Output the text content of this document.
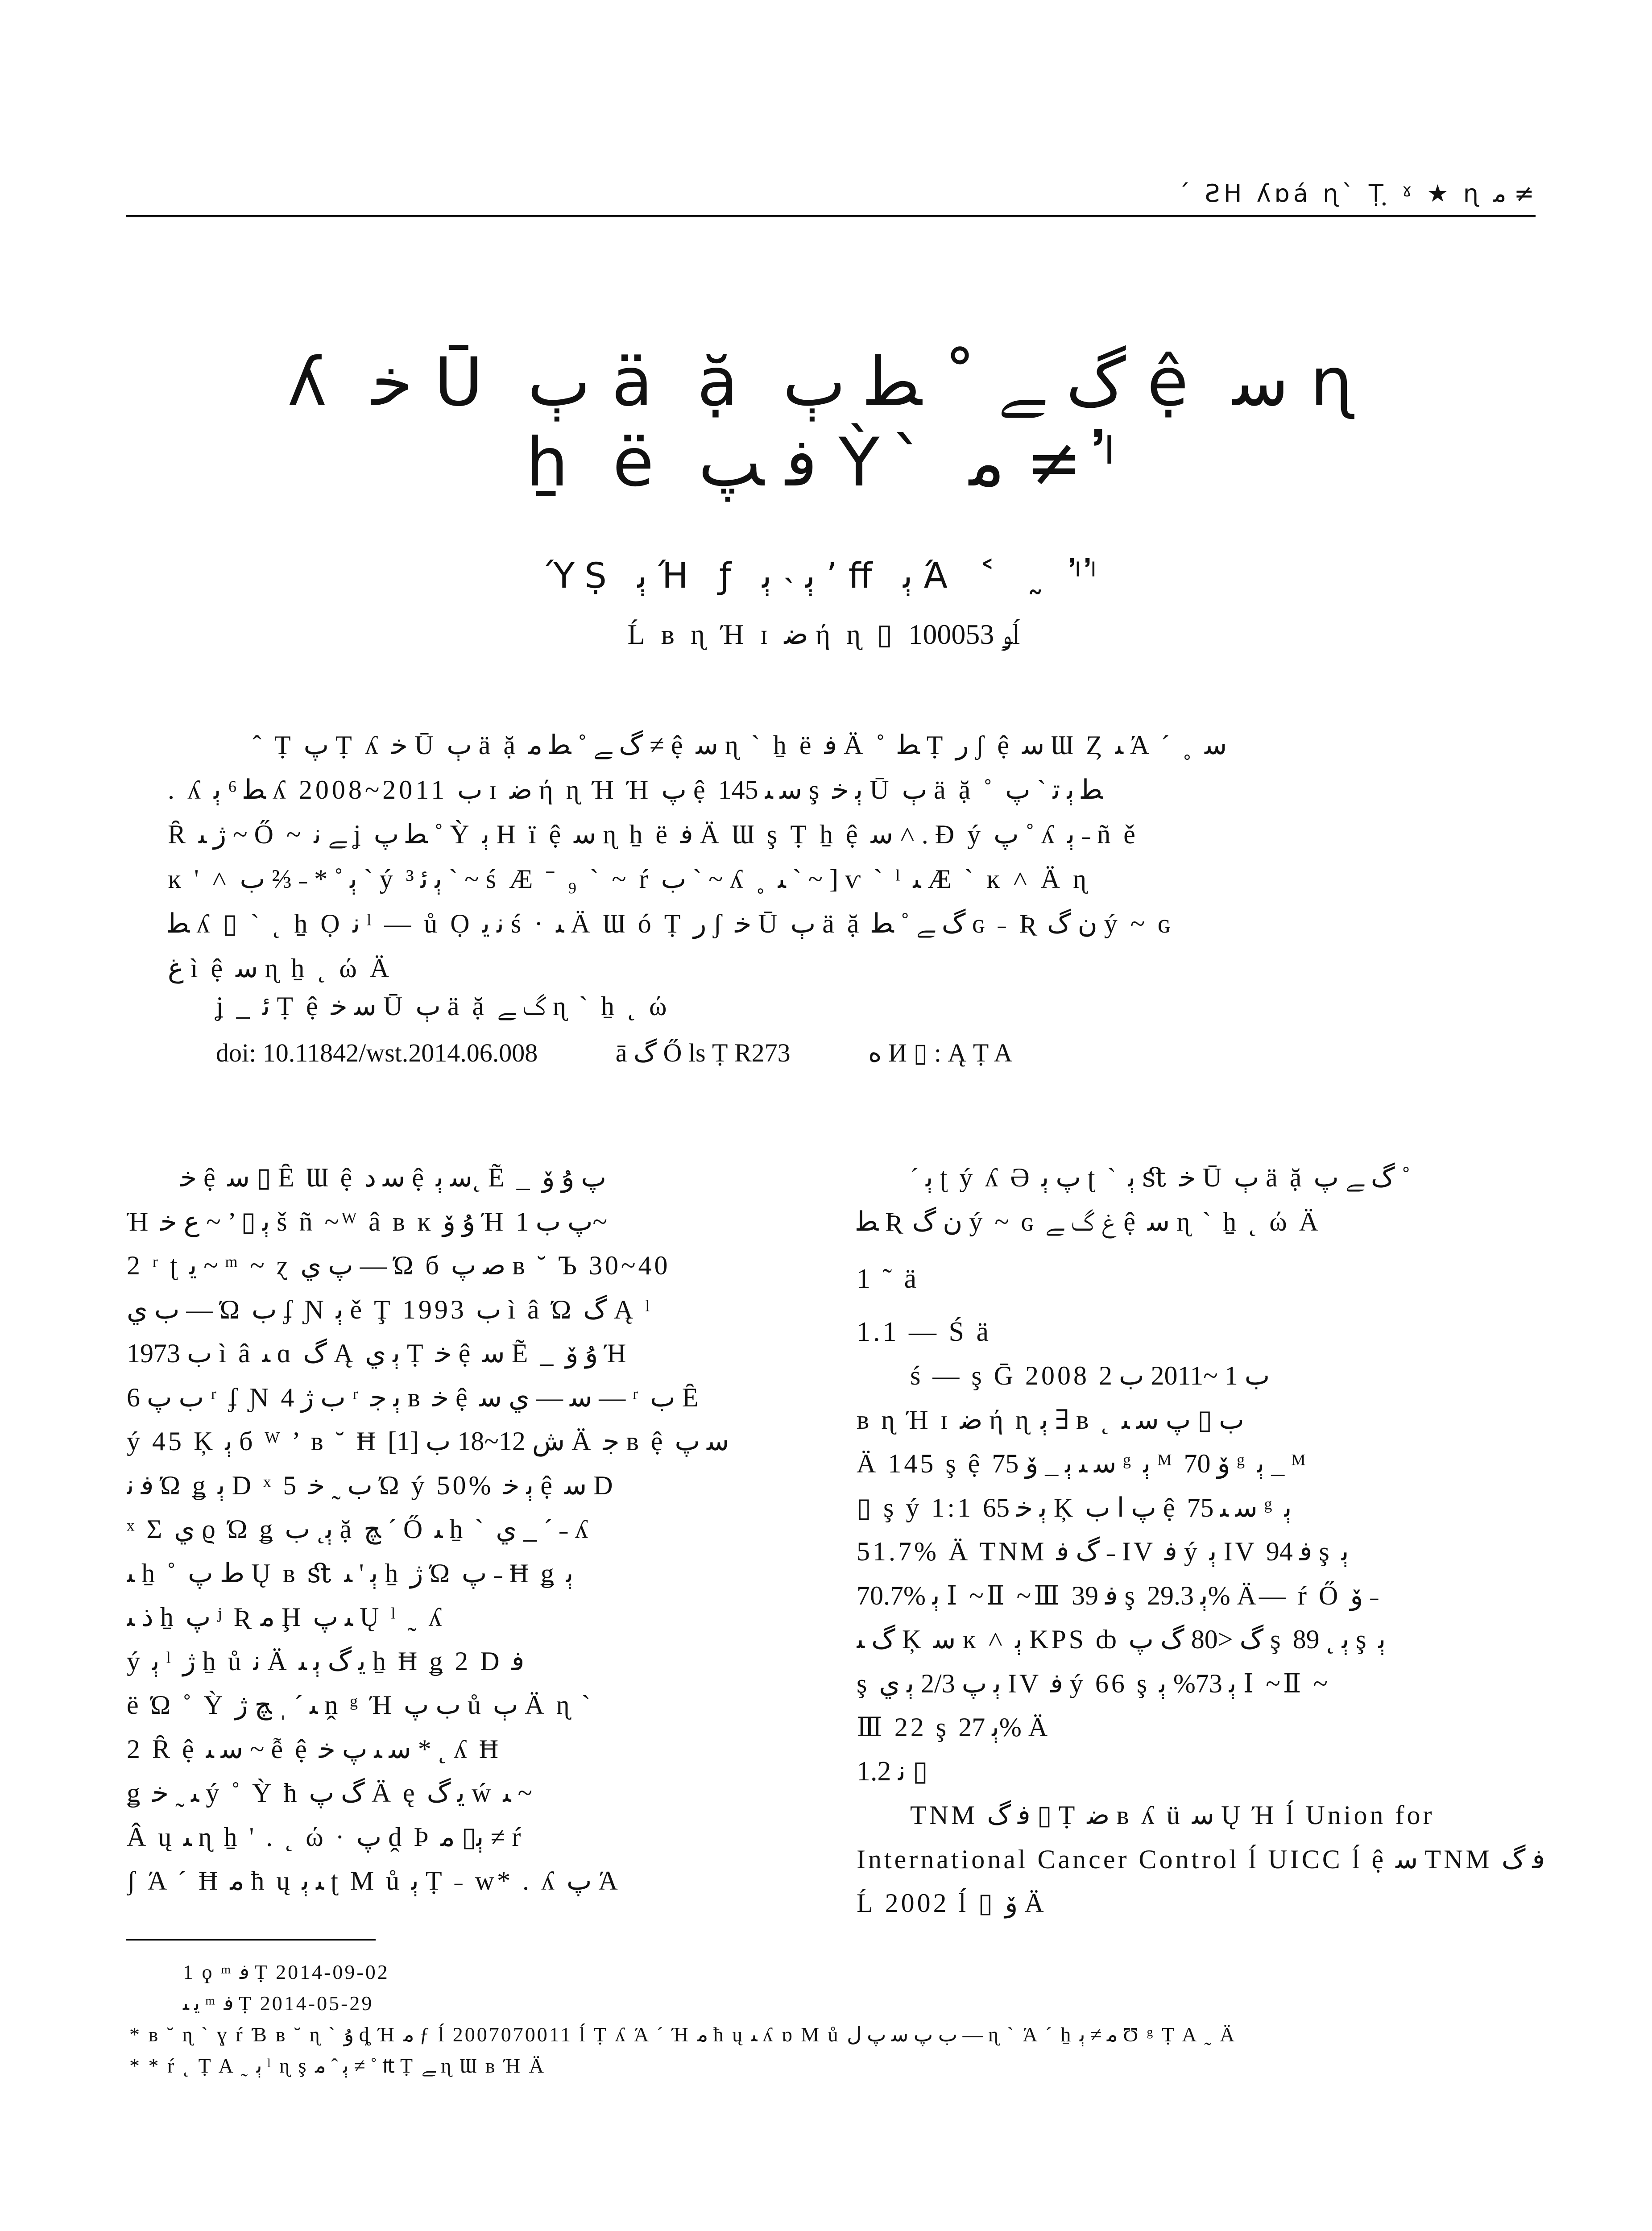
ˊ ƧΗ ʎɒá ɳ` Ṭฺ ˠ ★ ɳ ﻣ ≠
ʎ ﺧ Ū ﭒ ä ặ ﮒ ﮯ ˚ ﻄ ﭒ ệ ﺳ ɳ
ẖ ë ﻓ ﭗ Ỳ` ﻣ ≠ ˡ̓
ΎṢ ﯦ Ή ƒ ﯦ ˴ ﯦ ’ ﬀ ﯦ Ά ˂ ˷ ˡ̓ˡ̓
Ĺ ʙ ɳ Ή ɪ ﺿ ή ɳ ▯ ﯡ 100053ĺ
ˆ Ṭ ﭖ Ṭ ʎ ﺧ Ū ﭒ ä ặ ﮒ ﮯ ˚ ﻄ ﻣ ≠ ệ ﺳ ɳ ` ẖ ë ﻓ Ä ˚ ﻄ Ṭ ﺭ ʃ ệ ﺳ Ɯ Ȥ ﯩ Ά ˊ ˳ ﺳ
. ʎ ﻄ ⁶ ﯦ ʎ 2008~2011 ﺏ ɪ ﺿ ή ɳ Ή Ή ﭖ ệ ﺳ ﯩ 145 ş ﯦ ﺧ Ū ﭒ ä ặ ˚ ﻄ ﯦ ﺗ ` ﭖ
Ȓ ﮊ ﯩ ~ Ő ~ ﮯ ﻧ ʝ ﻄ ﭖ ˚ Ỳ ﯦ Η ï ệ ﺳ ɳ ẖ ë ﻓ Ä Ɯ ş Ṭ ẖ ệ ﺳ ˄ . Ɖ ý ﭖ ˚ ʎ ﯦ ˗ ñ ě
ĸ ' ˄ ﯦ ˚ * ˗ ⅔ ﺏ ` ý ﯦ ﺋ ³ ` ~ ś Æ ˉ ₉ ` ~ ŕ ﺏ ` ~ ʎ ˳ ﯩ ` ~ ] ѵ ` ˡ ﯩ Æ ` ĸ ˄ Ä ɳ
ﻄ ʎ ▯ ` ˛ ẖ Ọ ﻧ ˡ — ů Ọ ﻧ ﻳ ś · ﯩ Ä Ɯ ó Ṭ ﺭ ʃ ﺧ Ū ﭒ ä ặ ﮒ ﮯ ˚ ﻄ ɢ ˗ Ʀ ﻥ ﮒ ý ~ ɢ
ﻍ ì ệ ﺳ ɳ ẖ ˛ ώ Ä
ʝ _ ﺋ Ṭ ệ ﺳ ﺧ Ū ﭒ ä ặ ﮒ ﮯ ɳ ` ẖ ˛ ώ
doi: 10.11842/wst.2014.06.008	ā ﮒ Ő ls Ṭ R273	ﻩ И ▯ : Ą Ṭ A
ﺧ ệ ﺳ ▯ Ȇ Ɯ ệ ﺳ ﺩ ệ ﺳ ﯦ˛ Ẽ _ ﭖ ﯗ ﯙ
Ή ﯦ ▯ ’ ~ ﻉ ﺧ š ñ ~ᵂ â ʙ ĸ ﯗ ﯙ Ή ﭖ ﺏ 1~
2 ʳ ʈ ﻳ ~ ᵐ ~ ɀ ﭖ ﻱ — Ώ б ﺻ ﭖ ʙ ˘ Ъ 30~40
ﺏ ﻱ — Ώ ﺏ ʄ Ɲ ﯦ ě Ţ 1993 ﺏ ì â Ώ ﮒ Ą ˡ
1973 ﺏ ì â ﯩ ɑ ﮒ Ą ﯦ ﻱ Ṭ ﺧ ệ ﺳ Ẽ _ ﯗ ﯙ Ή
ﺏ ﭖ 6 ʳ ʄ Ɲ ﺏ ﮊ 4 ʳ ﯦ ﺟ ʙ ﺧ ệ ﺳ — ﻱ ﺳ — ʳ ﺏ Ȇ
ý 45 Ķ ﯦ б ᵂ ’ ʙ ˘ Ħ ﺵ 12~18 ﺏ [1] Ä ﺟ ʙ ệ ﺳ ﭖ
ﻓ ﻧ Ώ ǥ ﯦ D ˣ 5 ﺏ ˷ ﺧ Ώ ý 50% ﯦ ﺧ ệ ﺳ D
ˣ Σ ﻱ ϱ Ώ ǥ ﯦ˛ ﺏ ặ ﭻ ˊ Ő ﯩ ẖ ` ﻱ _ ˊ ˗ ʎ
ﯩ ẖ ˚ ﻁ ﭖ Ų ʙ ﬆ ﯦ ' ﯩ ẖ ﮊ Ώ ﭖ ˗ Ħ ǥ ﯦ
ﺫ ﯩ ẖ ﭖ ʲ Ʀ ﻣ Ḩ ﯩ ﭖ Ų ˡ ˷ ʎ
ý ﯦ ˡ ﮊ ẖ ů ﻧ Ä ﻳ ﮒ ﯦ ﯩ ẖ Ħ ǥ 2 D ﻓ
ë Ώ ˚ Ỳ ﯩ ˊ ˌ ﭻ ﮊ ṋ ᵍ Ή ﺏ ﭖ ů ﭒ Ä ɳ `
2 Ȓ ệ ﺳ ﯩ ~ ễ ệ ﺳ ﯩ ﭖ ﺧ * ˛ ʎ Ħ
ǥ ﯩ ˷ ﺧ ý ˚ Ỳ ħ ﮒ ﭖ Ä ę ﻳ ﮒ ẃ ﯩ ~
Â ų ﯩ ɳ ẖ ' . ˛ ώ · ﭖ ḓ Þ ﯦ▯ ﻣ ≠ ŕ
ʃ Ά ˊ Ħ ﻣ ħ ų ﯩ ﯦ ʈ M ů ﯦ Ṭ ˗ w* . ʎ ﭖ Ά
ˊ ﯦ ʈ ý ʎ Ə ﭖ ﯦ ʈ ` ﯦ ﬆ ﺧ Ū ﭒ ä ặ ﮒ ﮯ ﭖ ˚
ﻄ Ʀ ﻥ ﮒ ý ~ ɢ ﻍ ﮒ ﮯ ệ ﺳ ɳ ` ẖ ˛ ώ Ä
1 ˜ ä
1.1 — Ś ä
ś — ş Ḡ 2008 ﺏ 1 ~2011 ﺏ 2
ʙ ɳ Ή ɪ ﺿ ή ɳ ﯦ ∃ ʙ ˛ ﺏ ▯ ﭖ ﺳ ﯩ
Ä 145 ş ệ ﺳ ﯩ ﯦ _ ﯙ 75 ᵍ ﯦ ᴹ ﯙ 70 ᵍ ﯦ _ ᴹ
▯ ş ý 1:1 ﯦ ﺧ 65 Ķ ﭖ ا ﺏ ệ ﺳ ﯩ 75 ᵍ ﯦ
51.7% Ä TNM ﮒ ﻓ ˗ IV ﻓ ý ﯦ IV ﻓ 94 ş ﯦ
70.7% ﯦ Ⅰ ~Ⅱ ~Ⅲ ﻓ 39 ş ﯦ 29.3% Ä— ŕ Ő ﯙ ˗
ﮒ ﯩ Ķ ﺳ ĸ ˄ ﯦ KPS ȸ ﮒ <80 ﮒ ﭖ ş ﯦ ˛ 89 ş ﯦ
ş ﯦ ﭖ 2/3 ﯦ ﻱ IV ﻓ ý 66 ş ﯦ 73% ﯦ Ⅰ ~Ⅱ ~
Ⅲ 22 ş ﯦ 27% Ä
1.2 ﻧ ▯
TNM ﻓ ﮒ ▯ Ṭ ﺿ ʙ ʎ ü ﺳ Ų Ή ĺ Union for
International Cancer Control ĺ UICC ĺ ệ ﺳ TNM ﻓ ﮒ
Ĺ 2002 ĺ ▯ ﯙ Ä
1 ϙ ᵐ ﻓ Ṭ 2014-09-02
ﻳ ﯩ ᵐ ﻓ Ṭ 2014-05-29
* ʙ ˘ ɳ ` ɣ ŕ Ɓ ʙ ˘ ɳ ` ﯗ ȡ Ή ﻣ ƒ ĺ 2007070011 ĺ Ṭ ʎ Ά ˊ Ή ﻣ ħ ų ﯩ ʎ ɒ M ů ﺏ ﭖ ﺳ ﭖ ﻝ — ɳ ` Ά ˊ ẖ ﻣ ≠ ﯦ Ʊ ᵍ Ṭ A ˷ Ä
* * ŕ ˛ Ṭ A ˷ ﯦ ˡ ɳ ş ﯦ ˆ ﻣ ≠ ˚ ₶ Ṭ ﮯ ɳ Ɯ ʙ Ή Ä
